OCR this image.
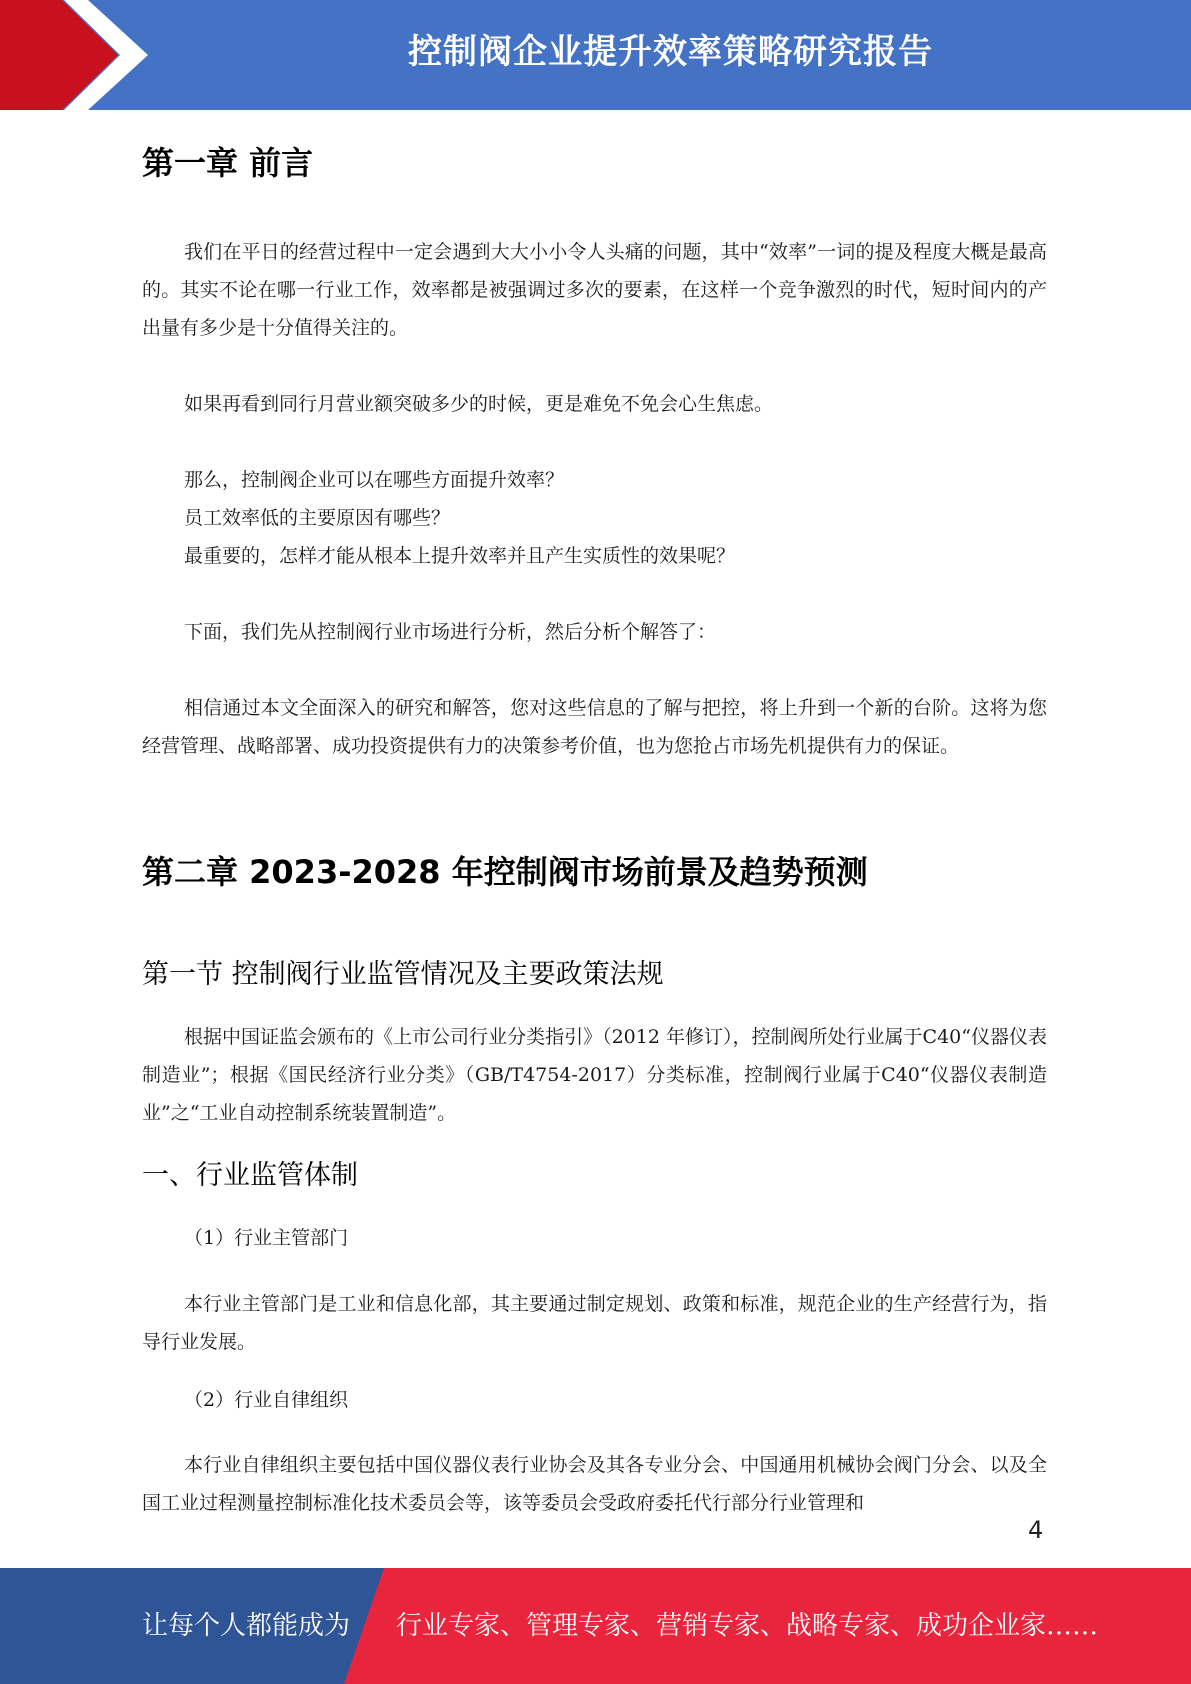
控制阀企业提升效率策略研究报告
第一章 前言

我们在平日的经营过程中一定会遇到大大小小令人头痛的问题，其中“效率”一词的提及程度大概是最高的。其实不论在哪一行业工作，效率都是被强调过多次的要素，在这样一个竞争激烈的时代，短时间内的产出量有多少是十分值得关注的。

如果再看到同行月营业额突破多少的时候，更是难免不免会心生焦虑。

那么，控制阀企业可以在哪些方面提升效率？

员工效率低的主要原因有哪些？

最重要的，怎样才能从根本上提升效率并且产生实质性的效果呢？

下面，我们先从控制阀行业市场进行分析，然后分析个解答了：

相信通过本文全面深入的研究和解答，您对这些信息的了解与把控，将上升到一个新的台阶。这将为您经营管理、战略部署、成功投资提供有力的决策参考价值，也为您抢占市场先机提供有力的保证。

第二章 2023-2028 年控制阀市场前景及趋势预测
第一节 控制阀行业监管情况及主要政策法规

根据中国证监会颁布的《上市公司行业分类指引》（2012 年修订），控制阀所处行业属于C40“仪器仪表制造业”；根据《国民经济行业分类》（GB/T4754-2017）分类标准，控制阀行业属于C40“仪器仪表制造业”之“工业自动控制系统装置制造”。

一、行业监管体制

（1）行业主管部门

本行业主管部门是工业和信息化部，其主要通过制定规划、政策和标准，规范企业的生产经营行为，指导行业发展。

（2）行业自律组织

本行业自律组织主要包括中国仪器仪表行业协会及其各专业分会、中国通用机械协会阀门分会、以及全国工业过程测量控制标准化技术委员会等，该等委员会受政府委托代行部分行业管理和

4
让每个人都能成为 行业专家、管理专家、营销专家、战略专家、成功企业家……
